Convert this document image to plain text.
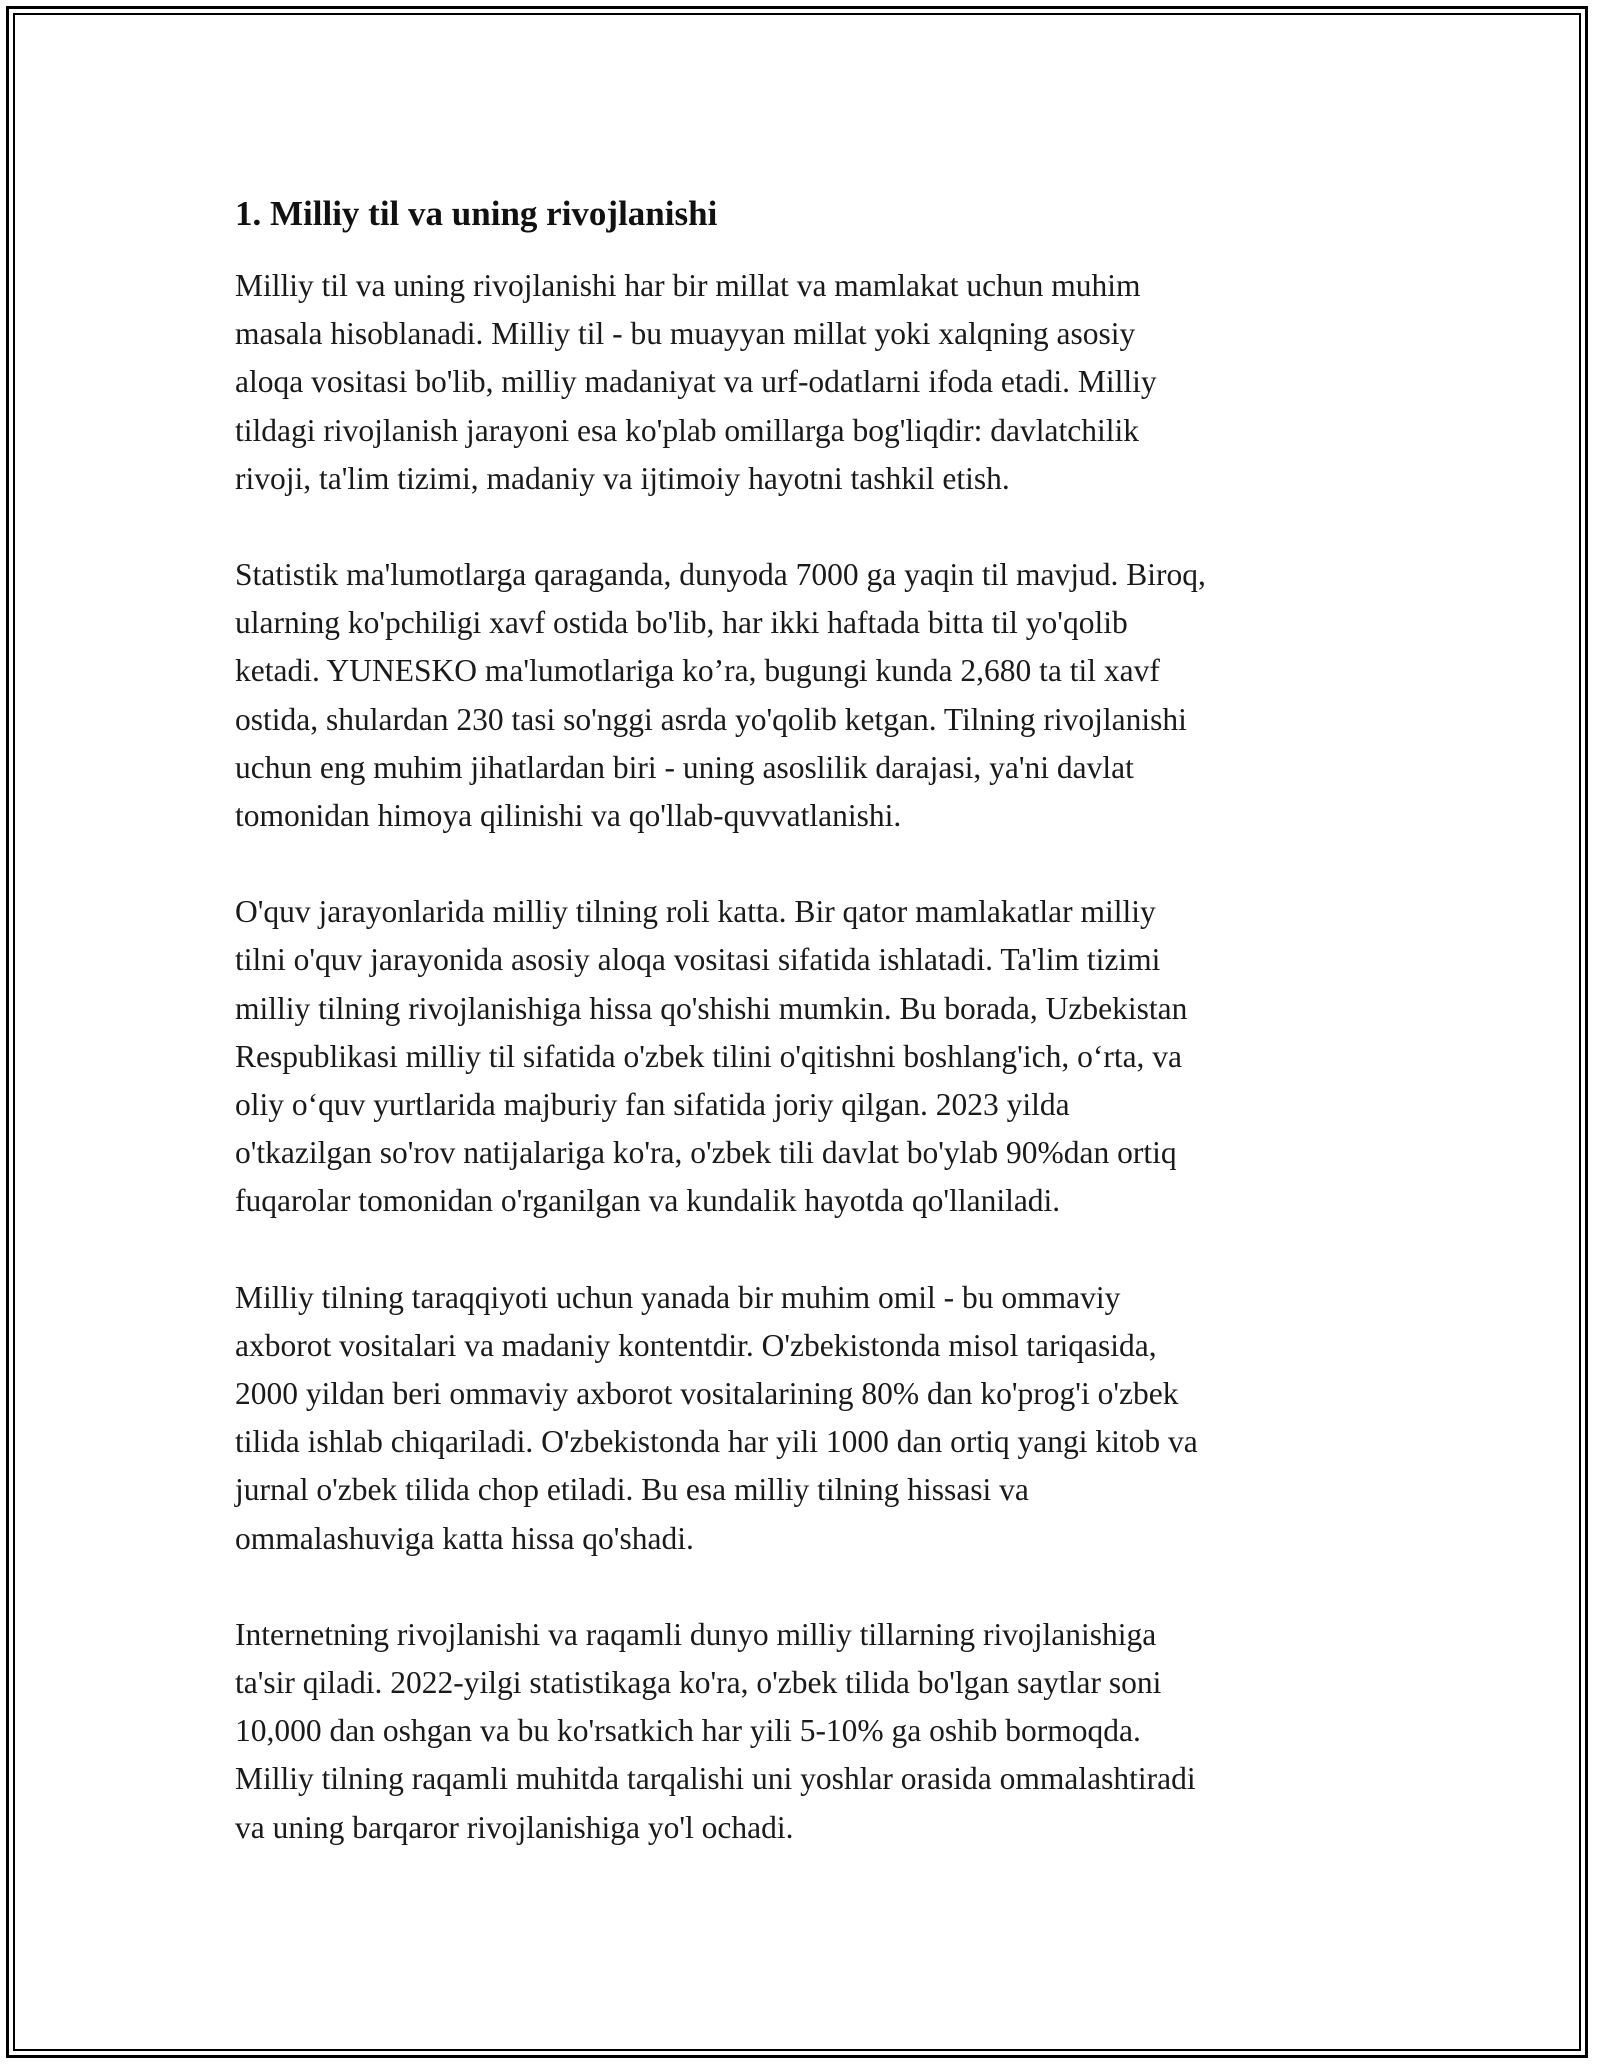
1. Milliy til va uning rivojlanishi

Milliy til va uning rivojlanishi har bir millat va mamlakat uchun muhim
masala hisoblanadi. Milliy til - bu muayyan millat yoki xalqning asosiy
aloqa vositasi bo'lib, milliy madaniyat va urf-odatlarni ifoda etadi. Milliy
tildagi rivojlanish jarayoni esa ko'plab omillarga bog'liqdir: davlatchilik
rivoji, ta'lim tizimi, madaniy va ijtimoiy hayotni tashkil etish.

Statistik ma'lumotlarga qaraganda, dunyoda 7000 ga yaqin til mavjud. Biroq,
ularning ko'pchiligi xavf ostida bo'lib, har ikki haftada bitta til yo'qolib
ketadi. YUNESKO ma'lumotlariga ko’ra, bugungi kunda 2,680 ta til xavf
ostida, shulardan 230 tasi so'nggi asrda yo'qolib ketgan. Tilning rivojlanishi
uchun eng muhim jihatlardan biri - uning asoslilik darajasi, ya'ni davlat
tomonidan himoya qilinishi va qo'llab-quvvatlanishi.

O'quv jarayonlarida milliy tilning roli katta. Bir qator mamlakatlar milliy
tilni o'quv jarayonida asosiy aloqa vositasi sifatida ishlatadi. Ta'lim tizimi
milliy tilning rivojlanishiga hissa qo'shishi mumkin. Bu borada, Uzbekistan
Respublikasi milliy til sifatida o'zbek tilini o'qitishni boshlang'ich, o‘rta, va
oliy o‘quv yurtlarida majburiy fan sifatida joriy qilgan. 2023 yilda
o'tkazilgan so'rov natijalariga ko'ra, o'zbek tili davlat bo'ylab 90%dan ortiq
fuqarolar tomonidan o'rganilgan va kundalik hayotda qo'llaniladi.

Milliy tilning taraqqiyoti uchun yanada bir muhim omil - bu ommaviy
axborot vositalari va madaniy kontentdir. O'zbekistonda misol tariqasida,
2000 yildan beri ommaviy axborot vositalarining 80% dan ko'prog'i o'zbek
tilida ishlab chiqariladi. O'zbekistonda har yili 1000 dan ortiq yangi kitob va
jurnal o'zbek tilida chop etiladi. Bu esa milliy tilning hissasi va
ommalashuviga katta hissa qo'shadi.

Internetning rivojlanishi va raqamli dunyo milliy tillarning rivojlanishiga
ta'sir qiladi. 2022-yilgi statistikaga ko'ra, o'zbek tilida bo'lgan saytlar soni
10,000 dan oshgan va bu ko'rsatkich har yili 5-10% ga oshib bormoqda.
Milliy tilning raqamli muhitda tarqalishi uni yoshlar orasida ommalashtiradi
va uning barqaror rivojlanishiga yo'l ochadi.
